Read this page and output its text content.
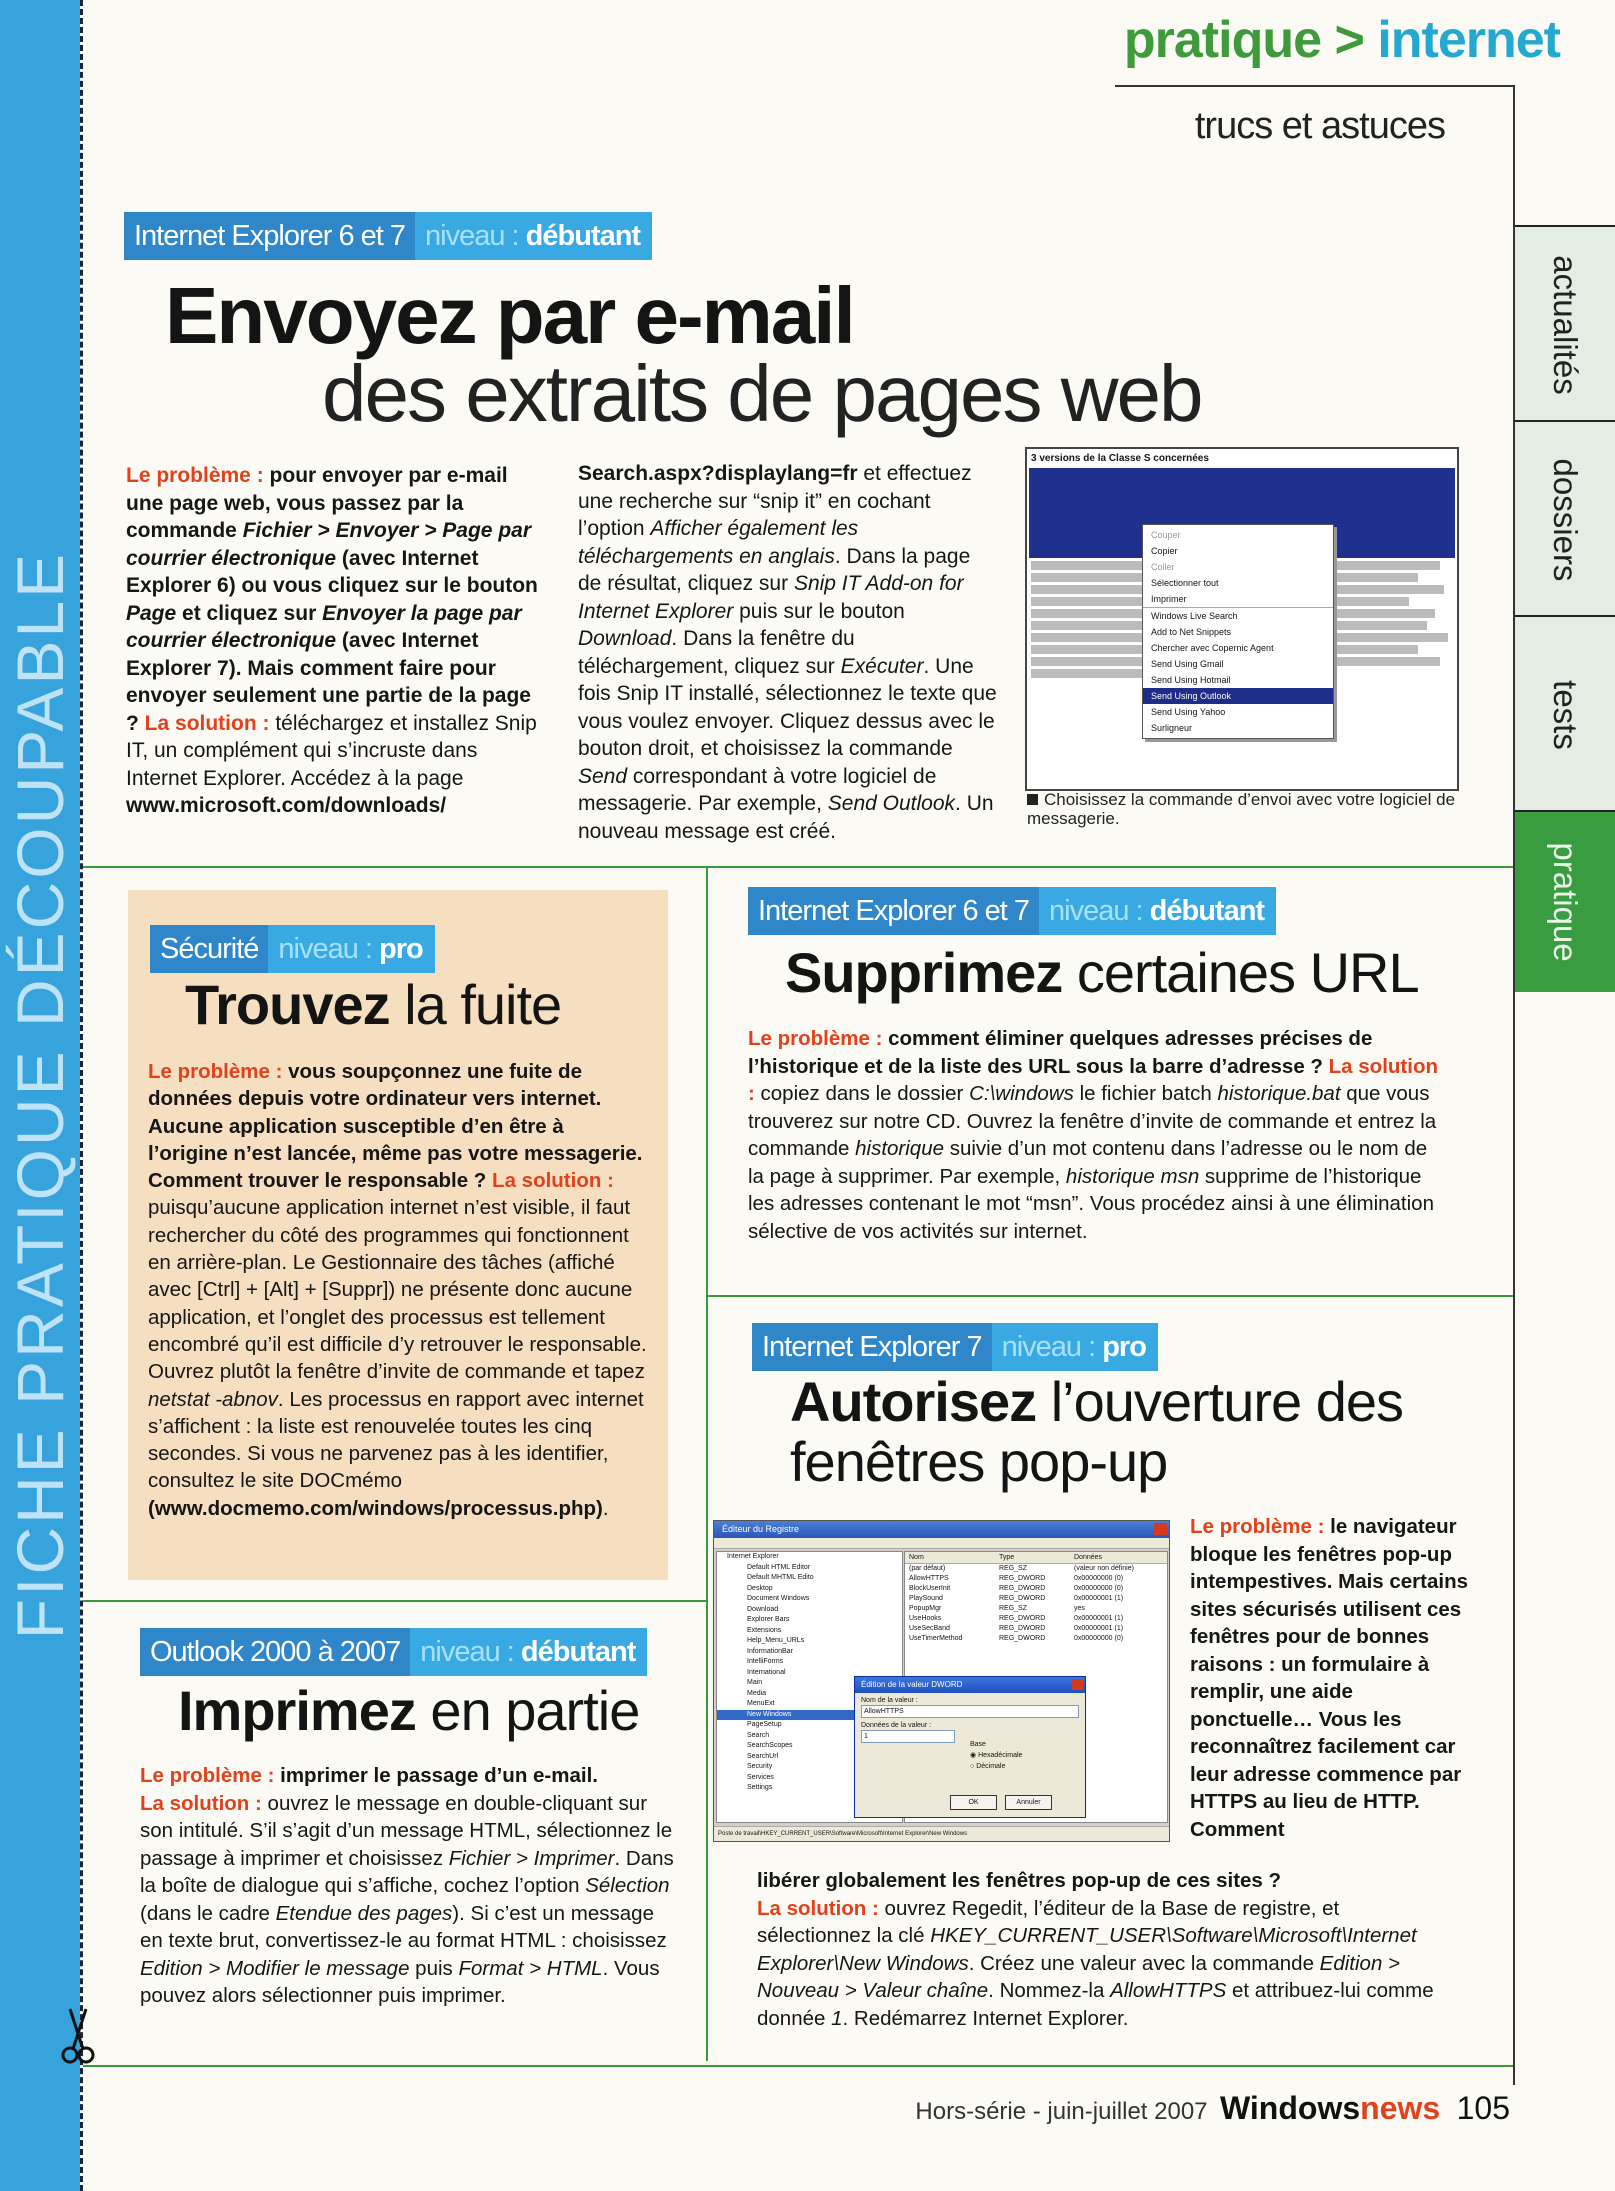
FICHE PRATIQUE DÉCOUPABLE
pratique > internet
trucs et astuces
actualités
dossiers
tests
pratique
Internet Explorer 6 et 7 niveau : débutant
Envoyez par e-mail
des extraits de pages web
Le problème : pour envoyer par e-mail une page web, vous passez par la commande Fichier > Envoyer > Page par courrier électronique (avec Internet Explorer 6) ou vous cliquez sur le bouton Page et cliquez sur Envoyer la page par courrier électronique (avec Internet Explorer 7). Mais comment faire pour envoyer seulement une partie de la page ? La solution : téléchargez et installez Snip IT, un complément qui s’incruste dans Internet Explorer. Accédez à la page www.microsoft.com/downloads/
Search.aspx?displaylang=fr et effectuez une recherche sur “snip it” en cochant l’option Afficher également les téléchargements en anglais. Dans la page de résultat, cliquez sur Snip IT Add-on for Internet Explorer puis sur le bouton Download. Dans la fenêtre du téléchargement, cliquez sur Exécuter. Une fois Snip IT installé, sélectionnez le texte que vous voulez envoyer. Cliquez dessus avec le bouton droit, et choisissez la commande Send correspondant à votre logiciel de messagerie. Par exemple, Send Outlook. Un nouveau message est créé.
3 versions de la Classe S concernées
Couper
Copier
Coller
Sélectionner tout
Imprimer
Windows Live Search
Add to Net Snippets
Chercher avec Copernic Agent
Send Using Gmail
Send Using Hotmail
Send Using Outlook
Send Using Yahoo
Surligneur
Choisissez la commande d’envoi avec votre logiciel de messagerie.
Sécurité niveau : pro
Trouvez la fuite
Le problème : vous soupçonnez une fuite de données depuis votre ordinateur vers internet. Aucune application susceptible d’en être à l’origine n’est lancée, même pas votre messagerie. Comment trouver le responsable ? La solution : puisqu’aucune application internet n’est visible, il faut rechercher du côté des programmes qui fonctionnent en arrière-plan. Le Gestionnaire des tâches (affiché avec [Ctrl] + [Alt] + [Suppr]) ne présente donc aucune application, et l’onglet des processus est tellement encombré qu’il est difficile d’y retrouver le responsable. Ouvrez plutôt la fenêtre d’invite de commande et tapez netstat -abnov. Les processus en rapport avec internet s’affichent : la liste est renouvelée toutes les cinq secondes. Si vous ne parvenez pas à les identifier, consultez le site DOCmémo (www.docmemo.com/windows/processus.php).
Internet Explorer 6 et 7 niveau : débutant
Supprimez certaines URL
Le problème : comment éliminer quelques adresses précises de l’historique et de la liste des URL sous la barre d’adresse ? La solution : copiez dans le dossier C:\windows le fichier batch historique.bat que vous trouverez sur notre CD. Ouvrez la fenêtre d’invite de commande et entrez la commande historique suivie d’un mot contenu dans l’adresse ou le nom de la page à supprimer. Par exemple, historique msn supprime de l’historique les adresses contenant le mot “msn”. Vous procédez ainsi à une élimination sélective de vos activités sur internet.
Internet Explorer 7 niveau : pro
Autorisez l’ouverture des
fenêtres pop-up
Éditeur du Registre
Internet Explorer
Default HTML Editor
Default MHTML Edito
Desktop
Document Windows
Download
Explorer Bars
Extensions
Help_Menu_URLs
InformationBar
IntelliForms
International
Main
Media
MenuExt
New Windows
PageSetup
Search
SearchScopes
SearchUrl
Security
Services
Settings
Nom	Type	Données
(par défaut)	REG_SZ	(valeur non définie)
AllowHTTPS	REG_DWORD	0x00000000 (0)
BlockUserInit	REG_DWORD	0x00000000 (0)
PlaySound	REG_DWORD	0x00000001 (1)
PopupMgr	REG_SZ	yes
UseHooks	REG_DWORD	0x00000001 (1)
UseSecBand	REG_DWORD	0x00000001 (1)
UseTimerMethod	REG_DWORD	0x00000000 (0)
Édition de la valeur DWORD
Nom de la valeur :
AllowHTTPS
Données de la valeur :
1
Base
◉ Hexadécimale
○ Décimale
OK	Annuler
Poste de travail\HKEY_CURRENT_USER\Software\Microsoft\Internet Explorer\New Windows
Le problème : le navigateur bloque les fenêtres pop-up intempestives. Mais certains sites sécurisés utilisent ces fenêtres pour de bonnes raisons : un formulaire à remplir, une aide ponctuelle… Vous les reconnaîtrez facilement car leur adresse commence par HTTPS au lieu de HTTP. Comment
libérer globalement les fenêtres pop-up de ces sites ?
La solution : ouvrez Regedit, l’éditeur de la Base de registre, et sélectionnez la clé HKEY_CURRENT_USER\Software\Microsoft\Internet Explorer\New Windows. Créez une valeur avec la commande Edition > Nouveau > Valeur chaîne. Nommez-la AllowHTTPS et attribuez-lui comme donnée 1. Redémarrez Internet Explorer.
Outlook 2000 à 2007 niveau : débutant
Imprimez en partie
Le problème : imprimer le passage d’un e-mail.
La solution : ouvrez le message en double-cliquant sur son intitulé. S’il s’agit d’un message HTML, sélectionnez le passage à imprimer et choisissez Fichier > Imprimer. Dans la boîte de dialogue qui s’affiche, cochez l’option Sélection (dans le cadre Etendue des pages). Si c’est un message en texte brut, convertissez-le au format HTML : choisissez Edition > Modifier le message puis Format > HTML. Vous pouvez alors sélectionner puis imprimer.
Hors-série - juin-juillet 2007 Windowsnews 105
